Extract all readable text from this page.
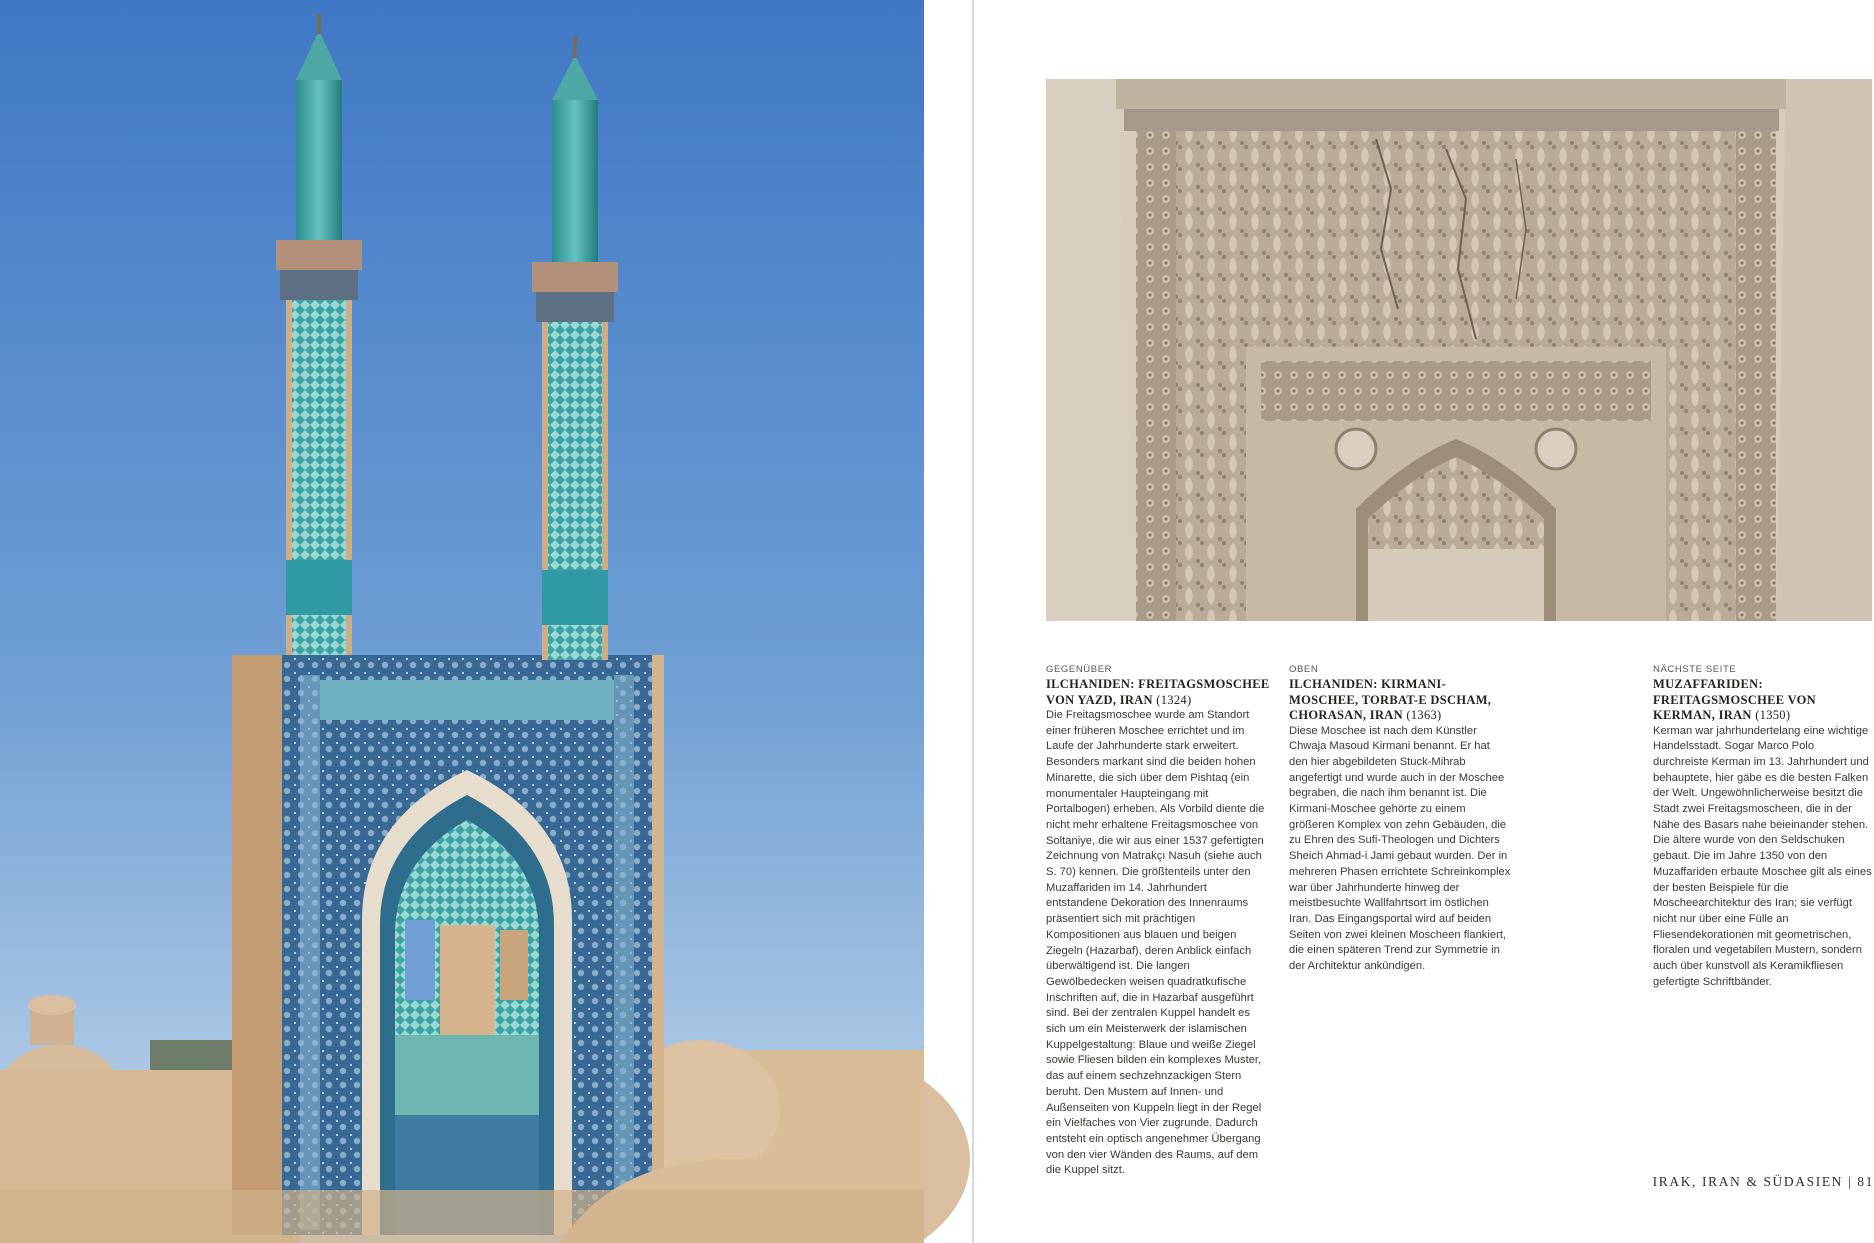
GEGENÜBER

ILCHANIDEN: FREITAGSMOSCHEE VON YAZD, IRAN (1324)

Die Freitagsmoschee wurde am Standort einer früheren Moschee errichtet und im Laufe der Jahrhunderte stark erweitert. Besonders markant sind die beiden hohen Minarette, die sich über dem Pishtaq (ein monumentaler Haupteingang mit Portalbogen) erheben. Als Vorbild diente die nicht mehr erhaltene Freitagsmoschee von Soltaniye, die wir aus einer 1537 gefertigten Zeichnung von Matrakçı Nasuh (siehe auch S. 70) kennen. Die größtenteils unter den Muzaffariden im 14. Jahrhundert entstandene Dekoration des Innenraums präsentiert sich mit prächtigen Kompositionen aus blauen und beigen Ziegeln (Hazarbaf), deren Anblick einfach überwältigend ist. Die langen Gewölbedecken weisen quadratkufische Inschriften auf, die in Hazarbaf ausgeführt sind. Bei der zentralen Kuppel handelt es sich um ein Meisterwerk der islamischen Kuppelgestaltung: Blaue und weiße Ziegel sowie Fliesen bilden ein komplexes Muster, das auf einem sechzehnzackigen Stern beruht. Den Mustern auf Innen- und Außenseiten von Kuppeln liegt in der Regel ein Vielfaches von Vier zugrunde. Dadurch entsteht ein optisch angenehmer Übergang von den vier Wänden des Raums, auf dem die Kuppel sitzt.

OBEN

ILCHANIDEN: KIRMANI-MOSCHEE, TORBAT-E DSCHAM, CHORASAN, IRAN (1363)

Diese Moschee ist nach dem Künstler Chwaja Masoud Kirmani benannt. Er hat den hier abgebildeten Stuck-Mihrab angefertigt und wurde auch in der Moschee begraben, die nach ihm benannt ist. Die Kirmani-Moschee gehörte zu einem größeren Komplex von zehn Gebäuden, die zu Ehren des Sufi-Theologen und Dichters Sheich Ahmad-i Jami gebaut wurden. Der in mehreren Phasen errichtete Schreinkomplex war über Jahrhunderte hinweg der meistbesuchte Wallfahrtsort im östlichen Iran. Das Eingangsportal wird auf beiden Seiten von zwei kleinen Moscheen flankiert, die einen späteren Trend zur Symmetrie in der Architektur ankündigen.

NÄCHSTE SEITE

MUZAFFARIDEN: FREITAGSMOSCHEE VON KERMAN, IRAN (1350)

Kerman war jahrhundertelang eine wichtige Handelsstadt. Sogar Marco Polo durchreiste Kerman im 13. Jahrhundert und behauptete, hier gäbe es die besten Falken der Welt. Ungewöhnlicherweise besitzt die Stadt zwei Freitagsmoscheen, die in der Nähe des Basars nahe beieinander stehen. Die ältere wurde von den Seldschuken gebaut. Die im Jahre 1350 von den Muzaffariden erbaute Moschee gilt als eines der besten Beispiele für die Moscheearchitektur des Iran; sie verfügt nicht nur über eine Fülle an Fliesendekorationen mit geometrischen, floralen und vegetabilen Mustern, sondern auch über kunstvoll als Keramikfliesen gefertigte Schriftbänder.

IRAK, IRAN & SÜDASIEN | 81
